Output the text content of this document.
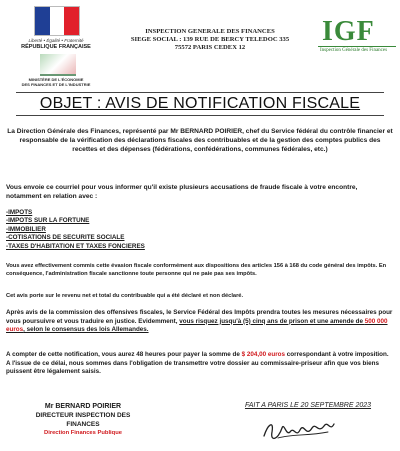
Liberté • Égalité • Fraternité
RÉPUBLIQUE FRANÇAISE
MINISTÈRE DE L'ÉCONOMIE
DES FINANCES ET DE L'INDUSTRIE
INSPECTION GENERALE DES FINANCES
SIEGE SOCIAL : 139 RUE DE BERCY TELEDOC 335
75572 PARIS CEDEX 12
IGF
Inspection Générale des Finances
OBJET : AVIS DE NOTIFICATION FISCALE
La Direction Générale des Finances, représenté par Mr BERNARD POIRIER, chef du Service fédéral du contrôle financier et responsable de la vérification des déclarations fiscales des contribuables et de la gestion des comptes publics des recettes et des dépenses (fédérations, confédérations, communes fédérales, etc.)
Vous envoie ce courriel pour vous informer qu'il existe plusieurs accusations de fraude fiscale à votre encontre, notamment en relation avec :
-IMPOTS
-IMPOTS SUR LA FORTUNE
-IMMOBILIER
-COTISATIONS DE SECURITE SOCIALE
-TAXES D'HABITATION ET TAXES FONCIERES
Vous avez effectivement commis cette évasion fiscale conformément aux dispositions des articles 156 à 168 du code général des impôts. En conséquence, l'administration fiscale sanctionne toute personne qui ne paie pas ses impôts.
Cet avis porte sur le revenu net et total du contribuable qui a été déclaré et non déclaré.
Après avis de la commission des offensives fiscales, le Service Fédéral des Impôts prendra toutes les mesures nécessaires pour vous poursuivre et vous traduire en justice. Evidemment, vous risquez jusqu'à (5) cinq ans de prison et une amende de 500 000 euros, selon le consensus des lois Allemandes.
A compter de cette notification, vous aurez 48 heures pour payer la somme de $ 204,00 euros correspondant à votre imposition. A l'issue de ce délai, nous sommes dans l'obligation de transmettre votre dossier au commissaire-priseur afin que vos biens puissent être légalement saisis.
Mr BERNARD POIRIER
DIRECTEUR INSPECTION DES
FINANCES
Direction Finances Publique
FAIT A PARIS LE 20 SEPTEMBRE 2023
